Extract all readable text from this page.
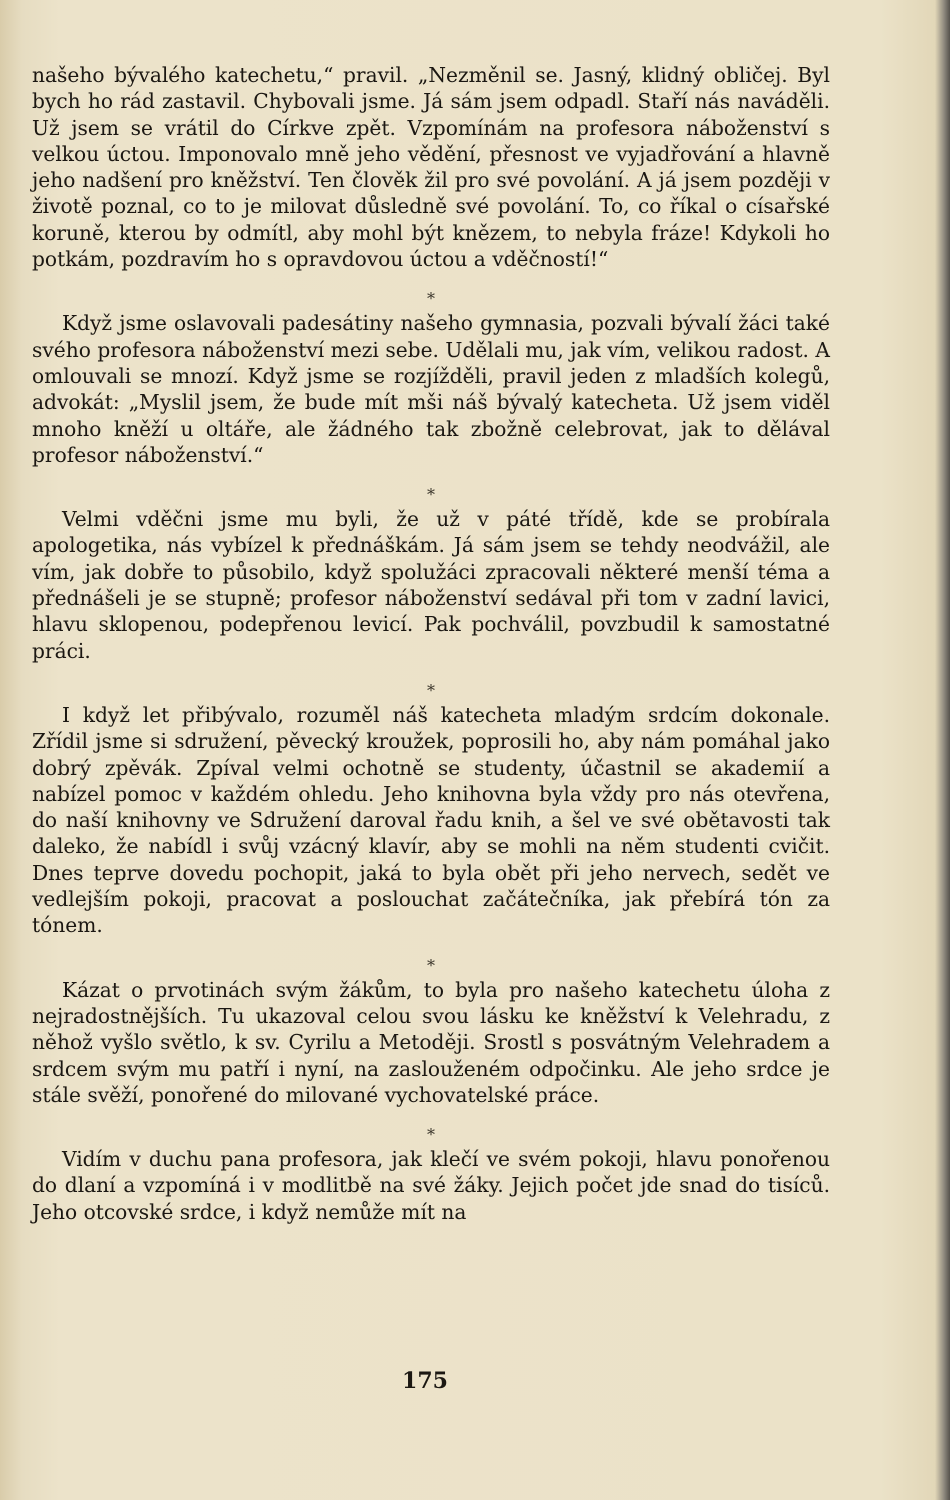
našeho bývalého katechetu,“ pravil. „Nezměnil se. Jasný, klidný obličej. Byl bych ho rád zastavil. Chybovali jsme. Já sám jsem odpadl. Staří nás naváděli. Už jsem se vrátil do Církve zpět. Vzpomínám na profesora náboženství s velkou úctou. Imponovalo mně jeho vědění, přesnost ve vyjadřování a hlavně jeho nadšení pro kněžství. Ten člověk žil pro své povolání. A já jsem později v životě poznal, co to je milovat důsledně své povolání. To, co říkal o císařské koruně, kterou by odmítl, aby mohl být knězem, to nebyla fráze! Kdykoli ho potkám, pozdravím ho s opravdovou úctou a vděčností!“

*

Když jsme oslavovali padesátiny našeho gymnasia, pozvali bývalí žáci také svého profesora náboženství mezi sebe. Udělali mu, jak vím, velikou radost. A omlouvali se mnozí. Když jsme se rozjížděli, pravil jeden z mladších kolegů, advokát: „Myslil jsem, že bude mít mši náš bývalý katecheta. Už jsem viděl mnoho kněží u oltáře, ale žádného tak zbožně celebrovat, jak to dělával profesor náboženství.“

*

Velmi vděčni jsme mu byli, že už v páté třídě, kde se probírala apologetika, nás vybízel k přednáškám. Já sám jsem se tehdy neodvážil, ale vím, jak dobře to působilo, když spolužáci zpracovali některé menší téma a přednášeli je se stupně; profesor náboženství sedával při tom v zadní lavici, hlavu sklopenou, podepřenou levicí. Pak pochválil, povzbudil k samostatné práci.

*

I když let přibývalo, rozuměl náš katecheta mladým srdcím dokonale. Zřídil jsme si sdružení, pěvecký kroužek, poprosili ho, aby nám pomáhal jako dobrý zpěvák. Zpíval velmi ochotně se studenty, účastnil se akademií a nabízel pomoc v každém ohledu. Jeho knihovna byla vždy pro nás otevřena, do naší knihovny ve Sdružení daroval řadu knih, a šel ve své obětavosti tak daleko, že nabídl i svůj vzácný klavír, aby se mohli na něm studenti cvičit. Dnes teprve dovedu pochopit, jaká to byla obět při jeho nervech, sedět ve vedlejším pokoji, pracovat a poslouchat začátečníka, jak přebírá tón za tónem.

*

Kázat o prvotinách svým žákům, to byla pro našeho katechetu úloha z nejradostnějších. Tu ukazoval celou svou lásku ke kněžství k Velehradu, z něhož vyšlo světlo, k sv. Cyrilu a Metoději. Srostl s posvátným Velehradem a srdcem svým mu patří i nyní, na zaslouženém odpočinku. Ale jeho srdce je stále svěží, ponořené do milované vychovatelské práce.

*

Vidím v duchu pana profesora, jak klečí ve svém pokoji, hlavu ponořenou do dlaní a vzpomíná i v modlitbě na své žáky. Jejich počet jde snad do tisíců. Jeho otcovské srdce, i když nemůže mít na

175
